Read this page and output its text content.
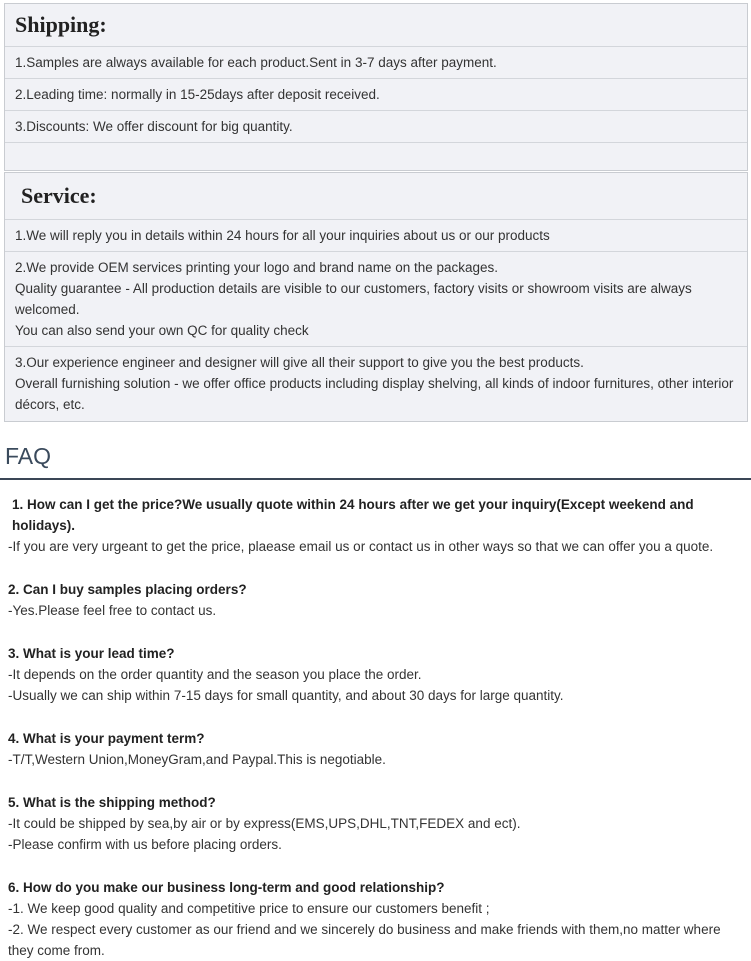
Shipping:
1.Samples are always available for each product.Sent in 3-7 days after payment.
2.Leading time: normally in 15-25days after deposit received.
3.Discounts: We offer discount for big quantity.
Service:
1.We will reply you in details within 24 hours for all your inquiries about us or our products
2.We provide OEM services printing your logo and brand name on the packages.
Quality guarantee - All production details are visible to our customers, factory visits or showroom visits are always welcomed.
You can also send your own QC for quality check
3.Our experience engineer and designer will give all their support to give you the best products.
Overall furnishing solution - we offer office products including display shelving, all kinds of indoor furnitures, other interior décors, etc.
FAQ
1. How can I get the price?We usually quote within 24 hours after we get your inquiry(Except weekend and holidays).
-If you are very urgeant to get the price, plaease email us or contact us in other ways so that we can offer you a quote.
2. Can I buy samples placing orders?
-Yes.Please feel free to contact us.
3. What is your lead time?
-It depends on the order quantity and the season you place the order.
-Usually we can ship within 7-15 days for small quantity, and about 30 days for large quantity.
4. What is your payment term?
-T/T,Western Union,MoneyGram,and Paypal.This is negotiable.
5. What is the shipping method?
-It could be shipped by sea,by air or by express(EMS,UPS,DHL,TNT,FEDEX and ect).
-Please confirm with us before placing orders.
6. How do you make our business long-term and good relationship?
-1. We keep good quality and competitive price to ensure our customers benefit ;
-2. We respect every customer as our friend and we sincerely do business and make friends with them,no matter where they come from.
